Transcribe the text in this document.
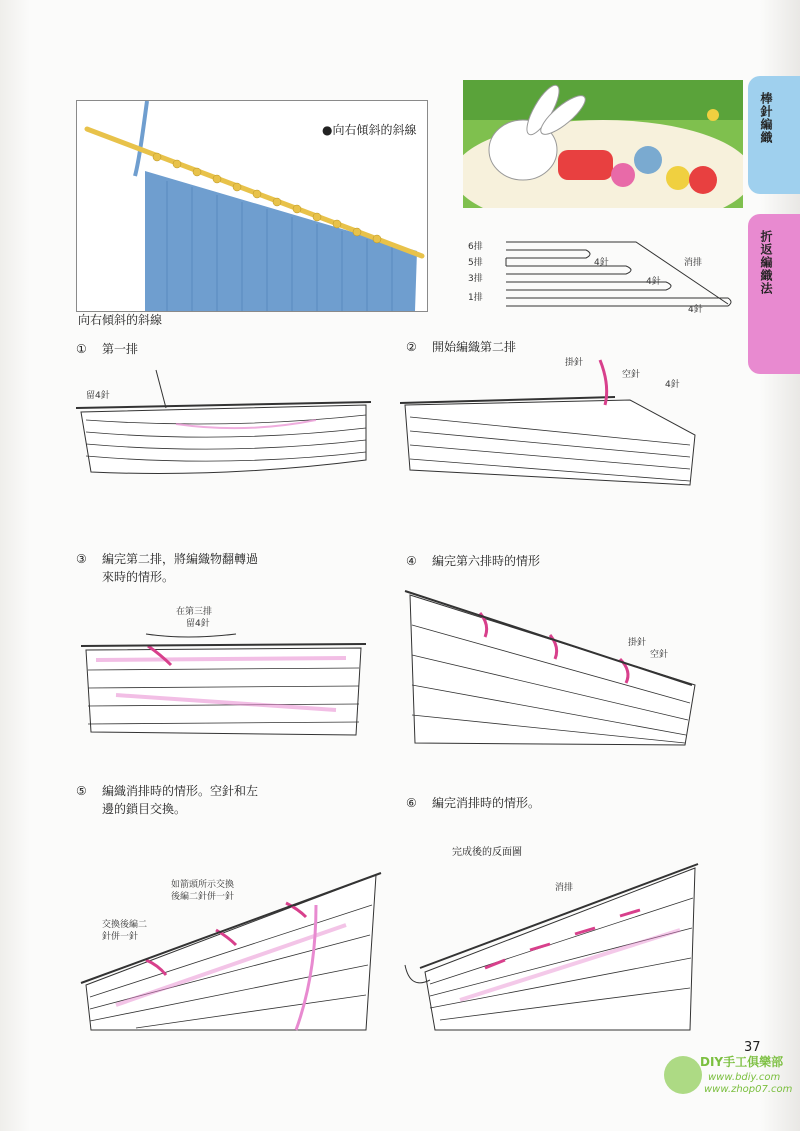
棒針編織
折返編織法
●向右傾斜的斜線
向右傾斜的斜線
6排
5排
3排
1排
4針
4針
4針
消排
① 第一排	② 開始編織第二排
③ 編完第二排，將編織物翻轉過
來時的情形。
④ 編完第六排時的情形
⑤ 編織消排時的情形。空針和左
邊的鎖目交換。	⑥ 編完消排時的情形。
留4針
掛針
空針
4針
在第三排
留4針
掛針
空針
如箭頭所示交換
後編二針併一針
交換後編二
針併一針
完成後的反面圖
消排
37
DIY手工俱樂部
www.bdiy.com
www.zhop07.com
